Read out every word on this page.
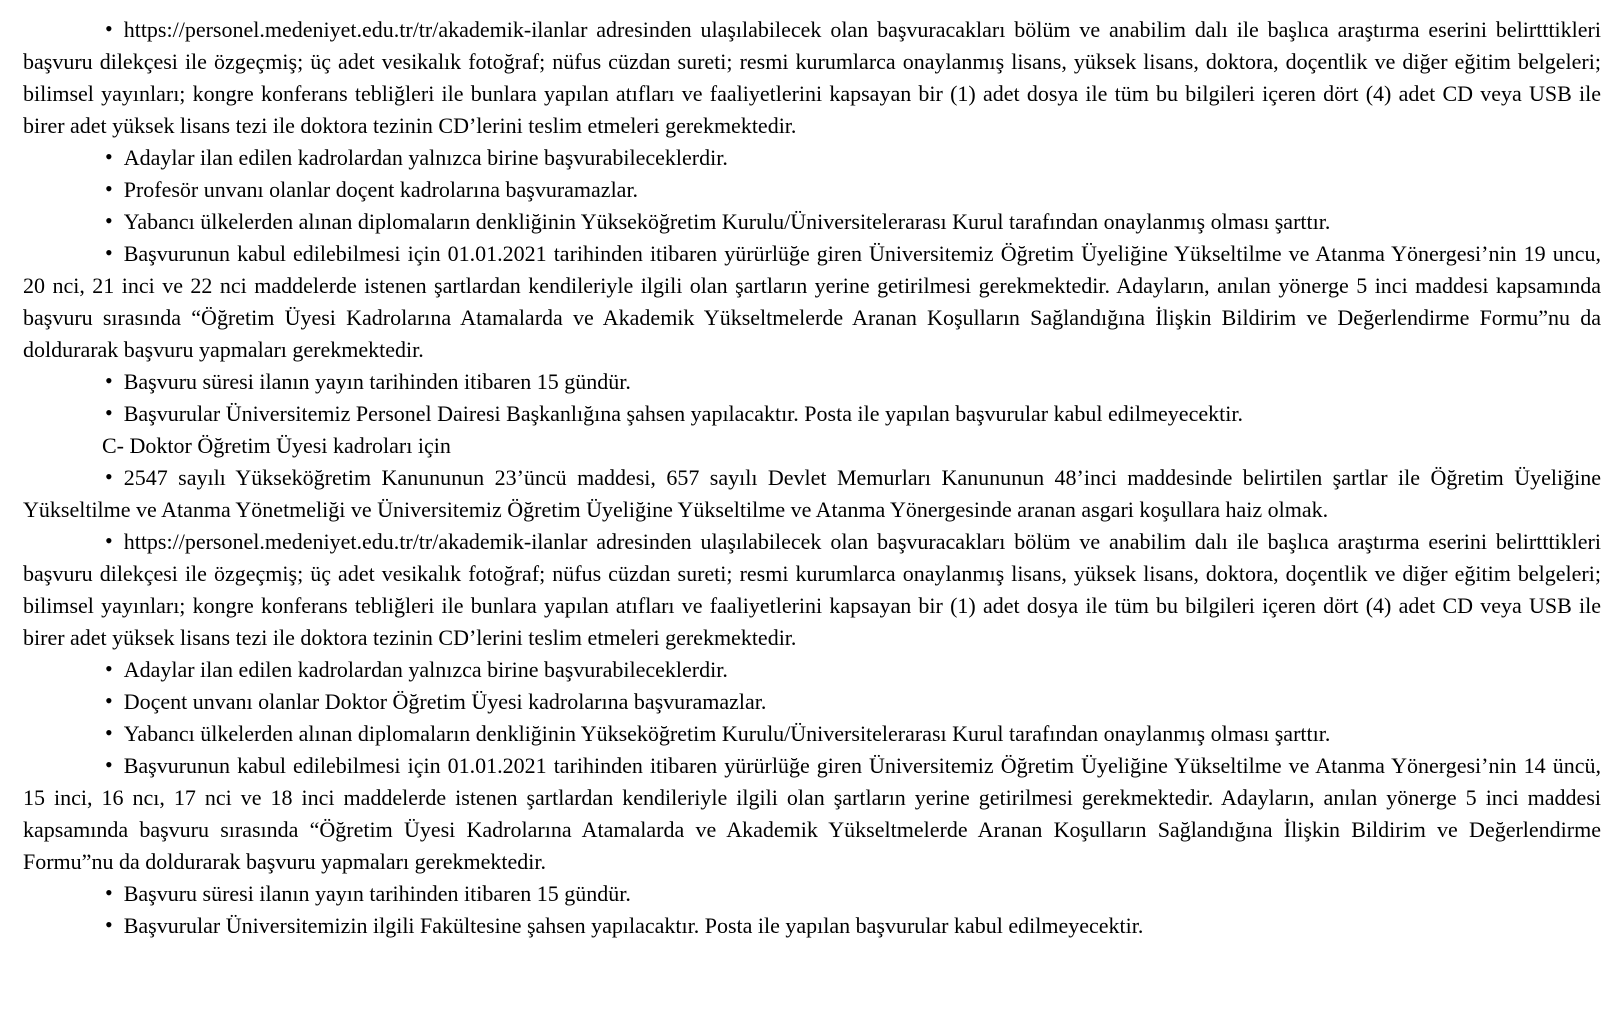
• https://personel.medeniyet.edu.tr/tr/akademik-ilanlar adresinden ulaşılabilecek olan başvuracakları bölüm ve anabilim dalı ile başlıca araştırma eserini belirtttikleri başvuru dilekçesi ile özgeçmiş; üç adet vesikalık fotoğraf; nüfus cüzdan sureti; resmi kurumlarca onaylanmış lisans, yüksek lisans, doktora, doçentlik ve diğer eğitim belgeleri; bilimsel yayınları; kongre konferans tebliğleri ile bunlara yapılan atıfları ve faaliyetlerini kapsayan bir (1) adet dosya ile tüm bu bilgileri içeren dört (4) adet CD veya USB ile birer adet yüksek lisans tezi ile doktora tezinin CD’lerini teslim etmeleri gerekmektedir.

• Adaylar ilan edilen kadrolardan yalnızca birine başvurabileceklerdir.

• Profesör unvanı olanlar doçent kadrolarına başvuramazlar.

• Yabancı ülkelerden alınan diplomaların denkliğinin Yükseköğretim Kurulu/Üniversitelerarası Kurul tarafından onaylanmış olması şarttır.

• Başvurunun kabul edilebilmesi için 01.01.2021 tarihinden itibaren yürürlüğe giren Üniversitemiz Öğretim Üyeliğine Yükseltilme ve Atanma Yönergesi’nin 19 uncu, 20 nci, 21 inci ve 22 nci maddelerde istenen şartlardan kendileriyle ilgili olan şartların yerine getirilmesi gerekmektedir. Adayların, anılan yönerge 5 inci maddesi kapsamında başvuru sırasında “Öğretim Üyesi Kadrolarına Atamalarda ve Akademik Yükseltmelerde Aranan Koşulların Sağlandığına İlişkin Bildirim ve Değerlendirme Formu”nu da doldurarak başvuru yapmaları gerekmektedir.

• Başvuru süresi ilanın yayın tarihinden itibaren 15 gündür.

• Başvurular Üniversitemiz Personel Dairesi Başkanlığına şahsen yapılacaktır. Posta ile yapılan başvurular kabul edilmeyecektir.

C- Doktor Öğretim Üyesi kadroları için

• 2547 sayılı Yükseköğretim Kanununun 23’üncü maddesi, 657 sayılı Devlet Memurları Kanununun 48’inci maddesinde belirtilen şartlar ile Öğretim Üyeliğine Yükseltilme ve Atanma Yönetmeliği ve Üniversitemiz Öğretim Üyeliğine Yükseltilme ve Atanma Yönergesinde aranan asgari koşullara haiz olmak.

• https://personel.medeniyet.edu.tr/tr/akademik-ilanlar adresinden ulaşılabilecek olan başvuracakları bölüm ve anabilim dalı ile başlıca araştırma eserini belirtttikleri başvuru dilekçesi ile özgeçmiş; üç adet vesikalık fotoğraf; nüfus cüzdan sureti; resmi kurumlarca onaylanmış lisans, yüksek lisans, doktora, doçentlik ve diğer eğitim belgeleri; bilimsel yayınları; kongre konferans tebliğleri ile bunlara yapılan atıfları ve faaliyetlerini kapsayan bir (1) adet dosya ile tüm bu bilgileri içeren dört (4) adet CD veya USB ile birer adet yüksek lisans tezi ile doktora tezinin CD’lerini teslim etmeleri gerekmektedir.

• Adaylar ilan edilen kadrolardan yalnızca birine başvurabileceklerdir.

• Doçent unvanı olanlar Doktor Öğretim Üyesi kadrolarına başvuramazlar.

• Yabancı ülkelerden alınan diplomaların denkliğinin Yükseköğretim Kurulu/Üniversitelerarası Kurul tarafından onaylanmış olması şarttır.

• Başvurunun kabul edilebilmesi için 01.01.2021 tarihinden itibaren yürürlüğe giren Üniversitemiz Öğretim Üyeliğine Yükseltilme ve Atanma Yönergesi’nin 14 üncü, 15 inci, 16 ncı, 17 nci ve 18 inci maddelerde istenen şartlardan kendileriyle ilgili olan şartların yerine getirilmesi gerekmektedir. Adayların, anılan yönerge 5 inci maddesi kapsamında başvuru sırasında “Öğretim Üyesi Kadrolarına Atamalarda ve Akademik Yükseltmelerde Aranan Koşulların Sağlandığına İlişkin Bildirim ve Değerlendirme Formu”nu da doldurarak başvuru yapmaları gerekmektedir.

• Başvuru süresi ilanın yayın tarihinden itibaren 15 gündür.

• Başvurular Üniversitemizin ilgili Fakültesine şahsen yapılacaktır. Posta ile yapılan başvurular kabul edilmeyecektir.
